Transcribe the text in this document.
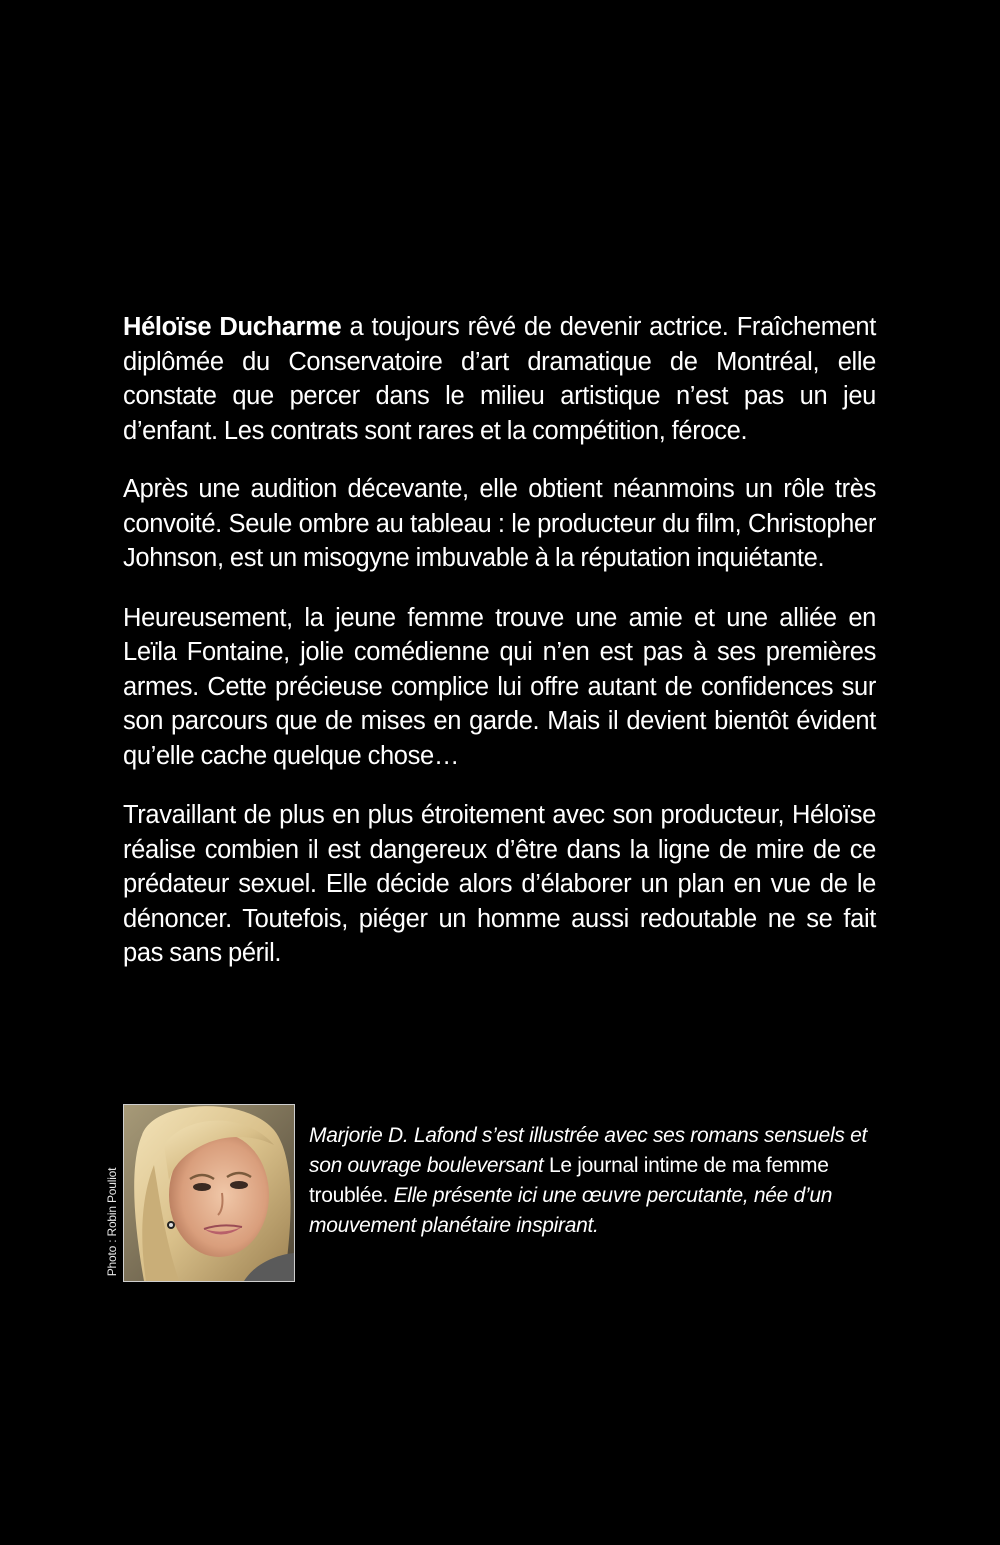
Héloïse Ducharme a toujours rêvé de devenir actrice. Fraîchement diplômée du Conservatoire d’art dramatique de Montréal, elle constate que percer dans le milieu artistique n’est pas un jeu d’enfant. Les contrats sont rares et la compétition, féroce.

Après une audition décevante, elle obtient néanmoins un rôle très convoité. Seule ombre au tableau : le producteur du film, Christopher Johnson, est un misogyne imbuvable à la réputation inquiétante.

Heureusement, la jeune femme trouve une amie et une alliée en Leïla Fontaine, jolie comédienne qui n’en est pas à ses premières armes. Cette précieuse complice lui offre autant de confidences sur son parcours que de mises en garde. Mais il devient bientôt évident qu’elle cache quelque chose…

Travaillant de plus en plus étroitement avec son producteur, Héloïse réalise combien il est dangereux d’être dans la ligne de mire de ce prédateur sexuel. Elle décide alors d’élaborer un plan en vue de le dénoncer. Toutefois, piéger un homme aussi redoutable ne se fait pas sans péril.

Photo : Robin Pouliot

Marjorie D. Lafond s’est illustrée avec ses romans sensuels et son ouvrage bouleversant Le journal intime de ma femme troublée. Elle présente ici une œuvre percutante, née d’un mouvement planétaire inspirant.
